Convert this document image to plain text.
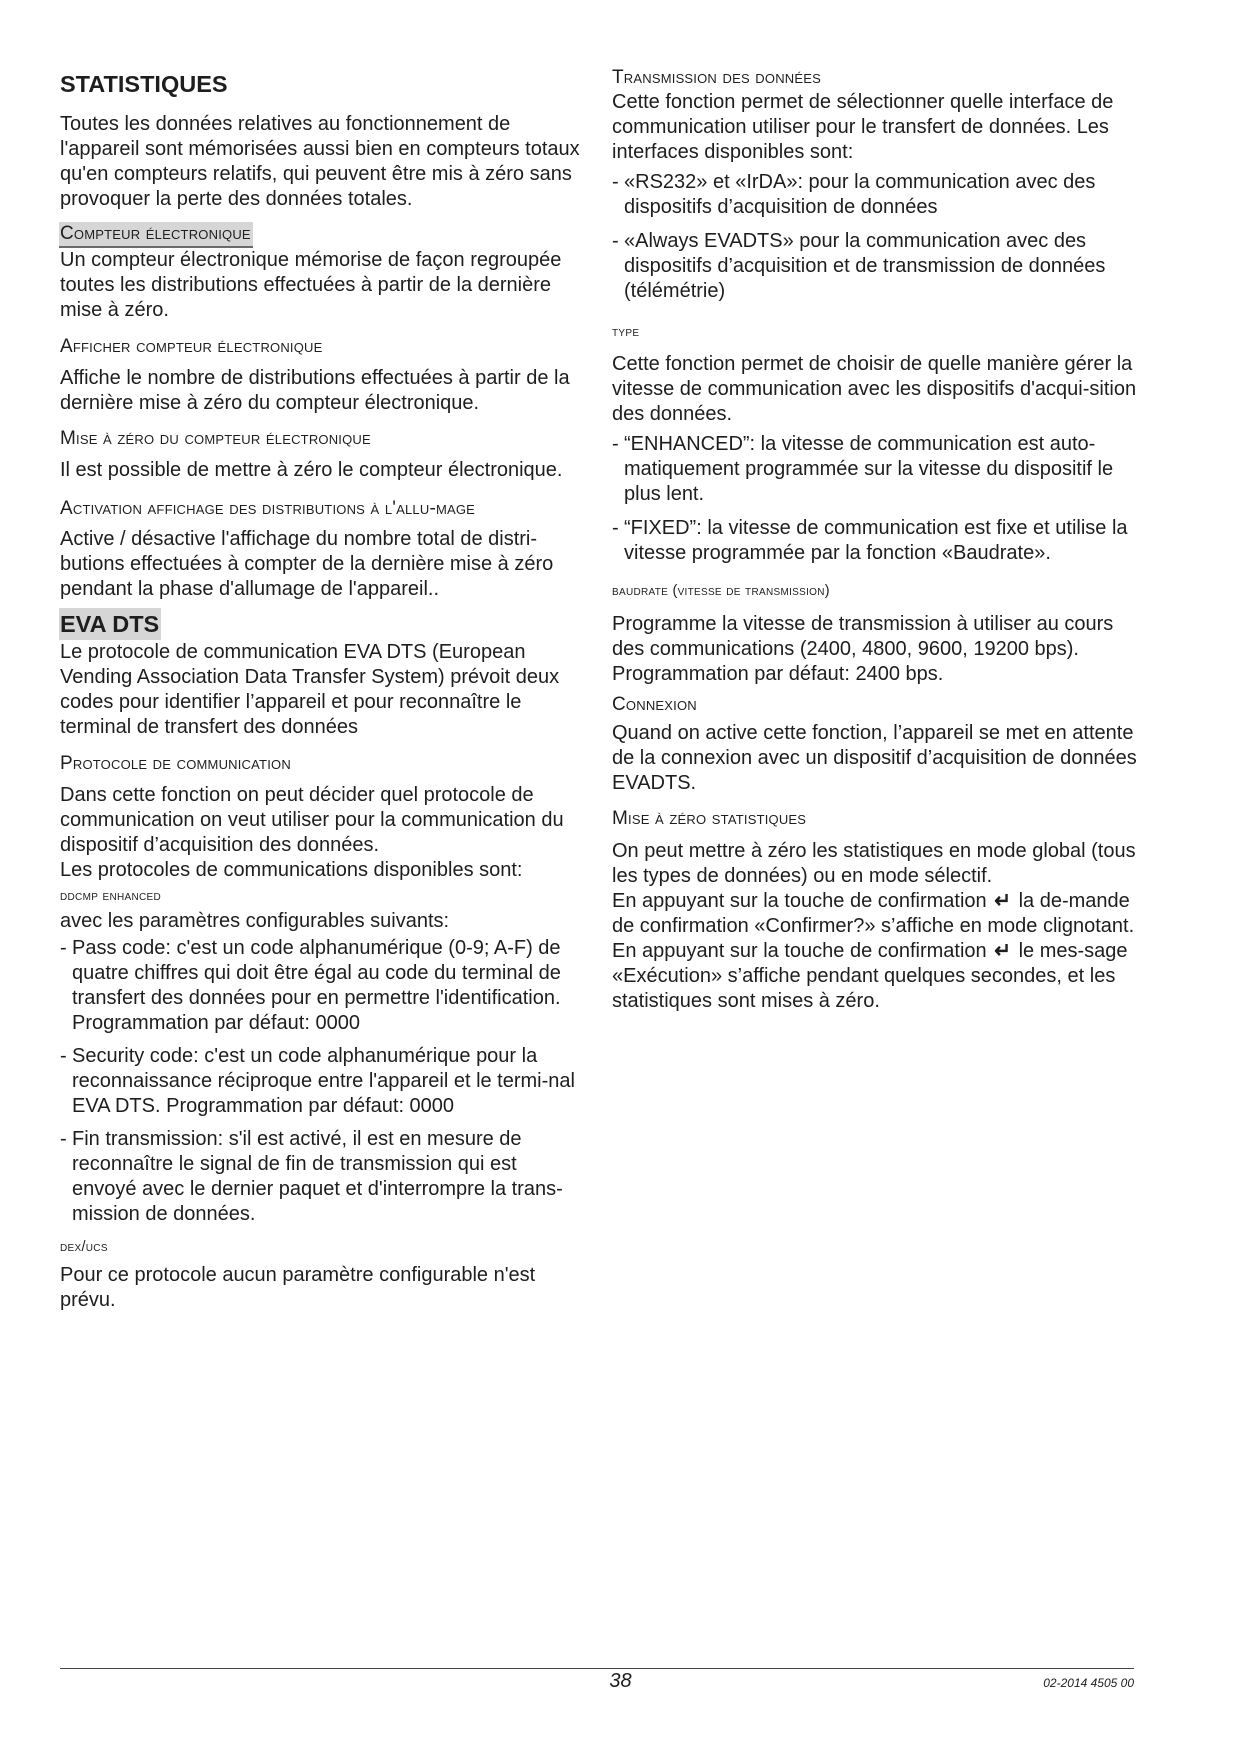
STATISTIQUES

Toutes les données relatives au fonctionnement de l'appareil sont mémorisées aussi bien en compteurs totaux qu'en compteurs relatifs, qui peuvent être mis à zéro sans provoquer la perte des données totales.

Compteur électronique

Un compteur électronique mémorise de façon regroupée toutes les distributions effectuées à partir de la dernière mise à zéro.

Afficher compteur électronique

Affiche le nombre de distributions effectuées à partir de la dernière mise à zéro du compteur électronique.

Mise à zéro du compteur électronique

Il est possible de mettre à zéro le compteur électronique.

Activation affichage des distributions à l'allu-mage

Active / désactive l'affichage du nombre total de distri-butions effectuées à compter de la dernière mise à zéro pendant la phase d'allumage de l'appareil..

EVA DTS

Le protocole de communication EVA DTS (European Vending Association Data Transfer System) prévoit deux codes pour identifier l’appareil et pour reconnaître le terminal de transfert des données

Protocole de communication

Dans cette fonction on peut décider quel protocole de communication on veut utiliser pour la communication du dispositif d’acquisition des données.

Les protocoles de communications disponibles sont:

ddcmp enhanced

avec les paramètres configurables suivants:

- Pass code: c'est un code alphanumérique (0-9; A-F) de quatre chiffres qui doit être égal au code du terminal de transfert des données pour en permettre l'identification. Programmation par défaut: 0000
- Security code: c'est un code alphanumérique pour la reconnaissance réciproque entre l'appareil et le termi-nal EVA DTS. Programmation par défaut: 0000
- Fin transmission: s'il est activé, il est en mesure de reconnaître le signal de fin de transmission qui est envoyé avec le dernier paquet et d'interrompre la trans-mission de données.
dex/ucs

Pour ce protocole aucun paramètre configurable n'est prévu.

Transmission des données

Cette fonction permet de sélectionner quelle interface de communication utiliser pour le transfert de données. Les interfaces disponibles sont:

- «RS232» et «IrDA»: pour la communication avec des dispositifs d’acquisition de données
- «Always EVADTS» pour la communication avec des dispositifs d’acquisition et de transmission de données (télémétrie)
type

Cette fonction permet de choisir de quelle manière gérer la vitesse de communication avec les dispositifs d'acqui-sition des données.

- “ENHANCED”: la vitesse de communication est auto-matiquement programmée sur la vitesse du dispositif le plus lent.
- “FIXED”: la vitesse de communication est fixe et utilise la vitesse programmée par la fonction «Baudrate».
baudrate (vitesse de transmission)

Programme la vitesse de transmission à utiliser au cours des communications (2400, 4800, 9600, 19200 bps). Programmation par défaut: 2400 bps.

Connexion

Quand on active cette fonction, l’appareil se met en attente de la connexion avec un dispositif d’acquisition de données EVADTS.

Mise à zéro statistiques

On peut mettre à zéro les statistiques en mode global (tous les types de données) ou en mode sélectif.

En appuyant sur la touche de confirmation ↵ la de-mande de confirmation «Confirmer?» s’affiche en mode clignotant.

En appuyant sur la touche de confirmation ↵ le mes-sage «Exécution» s’affiche pendant quelques secondes, et les statistiques sont mises à zéro.

38	02-2014 4505 00
